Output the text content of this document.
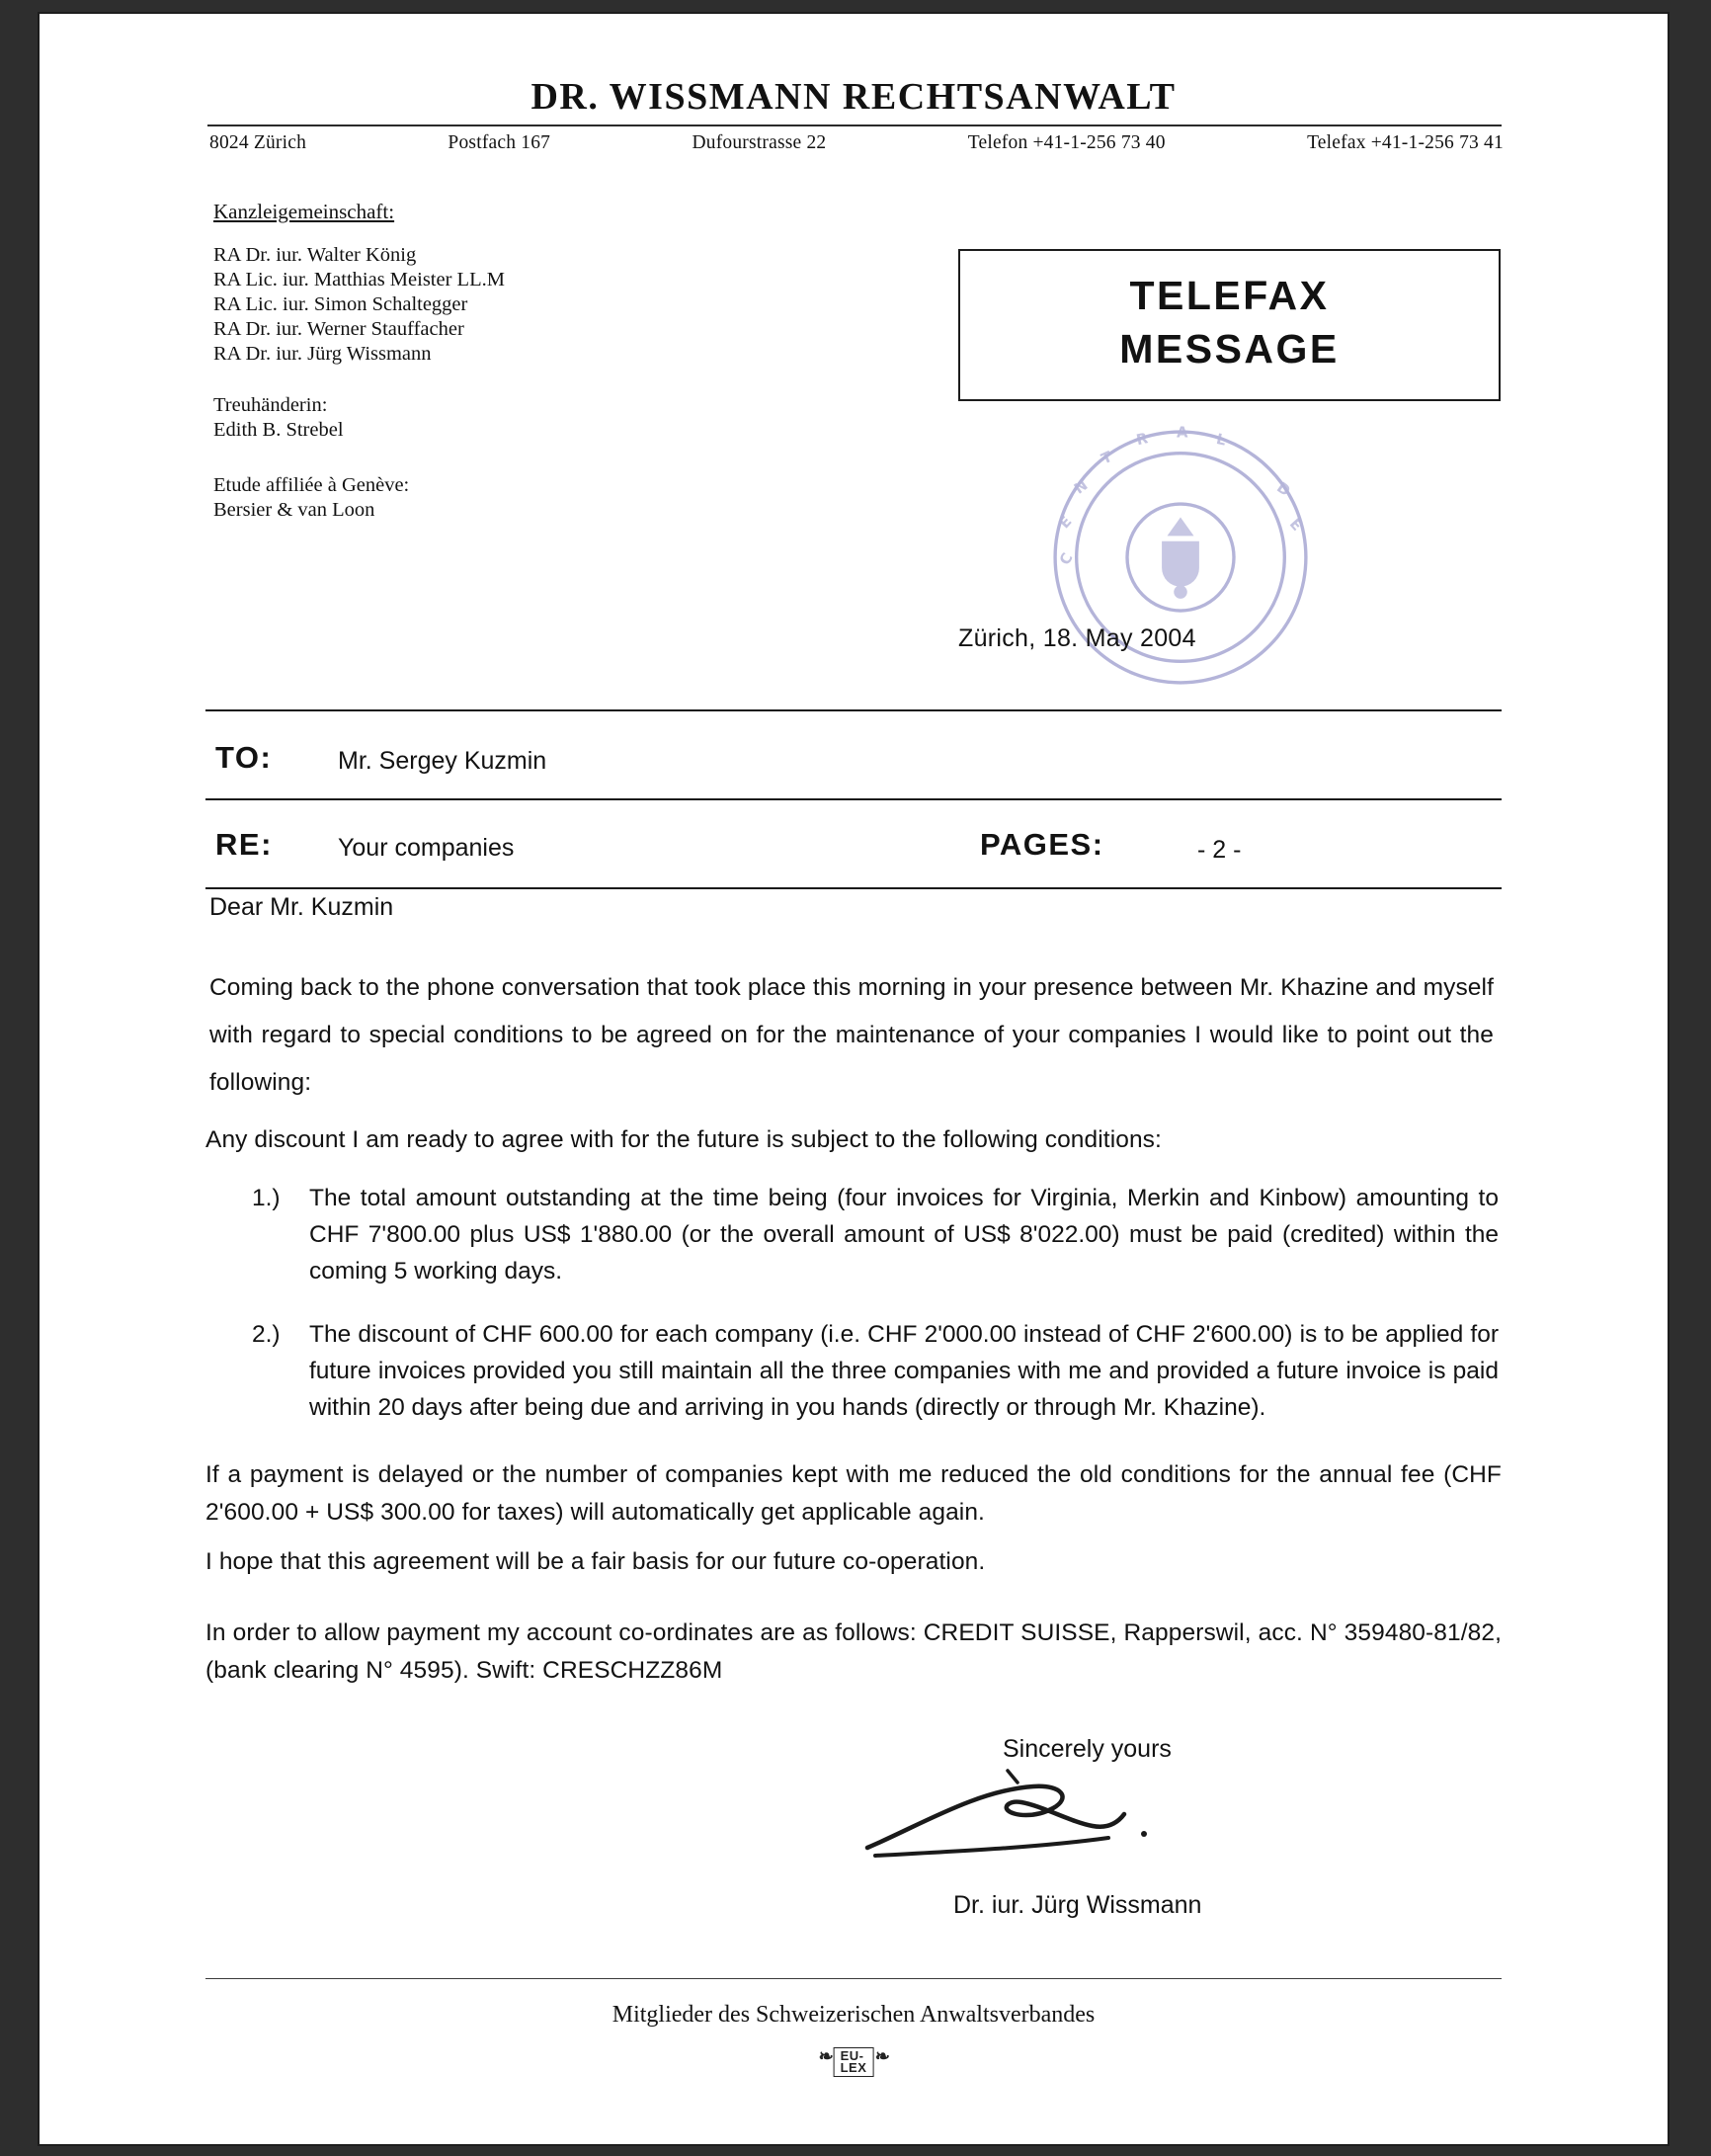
DR. WISSMANN RECHTSANWALT
8024 Zürich	Postfach 167	Dufourstrasse 22	Telefon +41-1-256 73 40	Telefax +41-1-256 73 41
Kanzleigemeinschaft:
RA Dr. iur. Walter König
RA Lic. iur. Matthias Meister LL.M
RA Lic. iur. Simon Schaltegger
RA Dr. iur. Werner Stauffacher
RA Dr. iur. Jürg Wissmann
Treuhänderin:
Edith B. Strebel
Etude affiliée à Genève:
Bersier & van Loon
TELEFAX
MESSAGE
C
E
N
T
R A L
D
E
Zürich, 18. May 2004
TO:	Mr. Sergey Kuzmin
RE:	Your companies	PAGES:	- 2 -
Dear Mr. Kuzmin
Coming back to the phone conversation that took place this morning in your presence between Mr. Khazine and myself with regard to special conditions to be agreed on for the maintenance of your companies I would like to point out the following:
Any discount I am ready to agree with for the future is subject to the following conditions:
1.) The total amount outstanding at the time being (four invoices for Virginia, Merkin and Kinbow) amounting to CHF 7'800.00 plus US$ 1'880.00 (or the overall amount of US$ 8'022.00) must be paid (credited) within the coming 5 working days.
2.) The discount of CHF 600.00 for each company (i.e. CHF 2'000.00 instead of CHF 2'600.00) is to be applied for future invoices provided you still maintain all the three companies with me and provided a future invoice is paid within 20 days after being due and arriving in you hands (directly or through Mr. Khazine).
If a payment is delayed or the number of companies kept with me reduced the old conditions for the annual fee (CHF 2'600.00 + US$ 300.00 for taxes) will automatically get applicable again.
I hope that this agreement will be a fair basis for our future co-operation.
In order to allow payment my account co-ordinates are as follows: CREDIT SUISSE, Rapperswil, acc. N° 359480-81/82, (bank clearing N° 4595). Swift: CRESCHZZ86M
Sincerely yours
Dr. iur. Jürg Wissmann
Mitglieder des Schweizerischen Anwaltsverbandes
❧ EU-
LEX
❧
